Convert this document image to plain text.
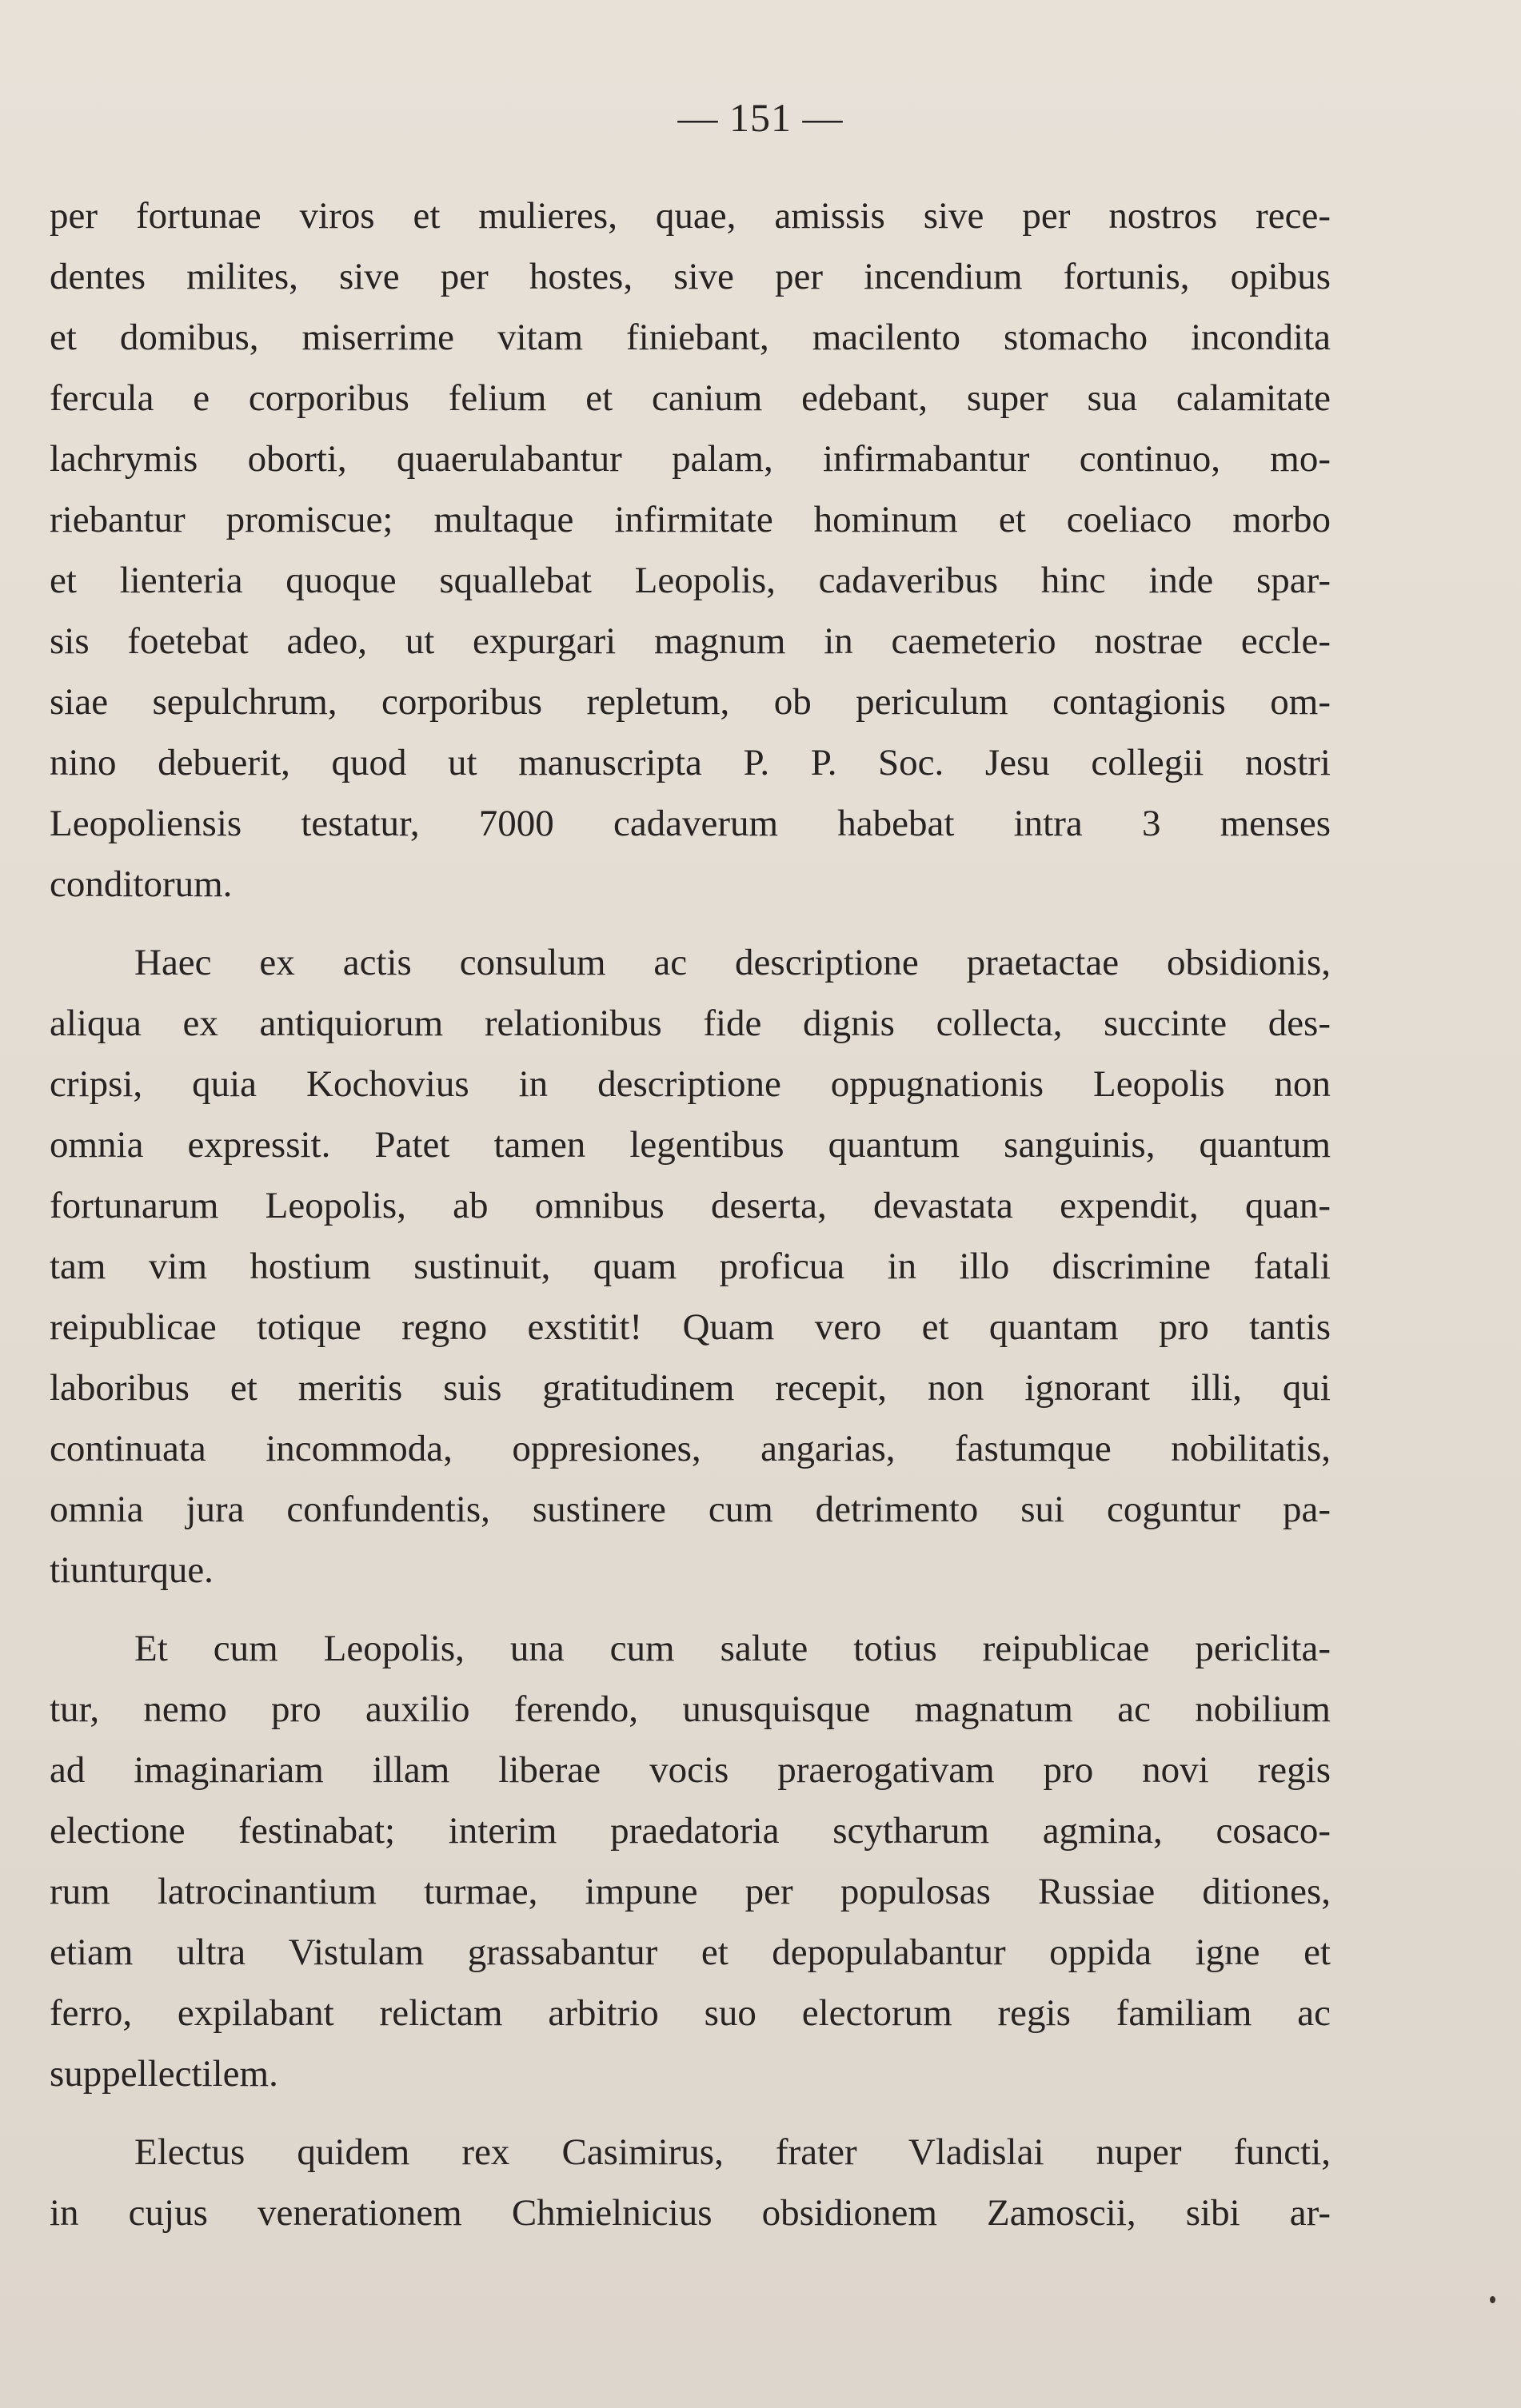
— 151 —
per fortunae viros et mulieres, quae, amissis sive per nostros rece-
dentes milites, sive per hostes, sive per incendium fortunis, opibus
et domibus, miserrime vitam finiebant, macilento stomacho incondita
fercula e corporibus felium et canium edebant, super sua calamitate
lachrymis oborti, quaerulabantur palam, infirmabantur continuo, mo-
riebantur promiscue; multaque infirmitate hominum et coeliaco morbo
et lienteria quoque squallebat Leopolis, cadaveribus hinc inde spar-
sis foetebat adeo, ut expurgari magnum in caemeterio nostrae eccle-
siae sepulchrum, corporibus repletum, ob periculum contagionis om-
nino debuerit, quod ut manuscripta P. P. Soc. Jesu collegii nostri
Leopoliensis testatur, 7000 cadaverum habebat intra 3 menses
conditorum.
Haec ex actis consulum ac descriptione praetactae obsidionis,
aliqua ex antiquiorum relationibus fide dignis collecta, succinte des-
cripsi, quia Kochovius in descriptione oppugnationis Leopolis non
omnia expressit. Patet tamen legentibus quantum sanguinis, quantum
fortunarum Leopolis, ab omnibus deserta, devastata expendit, quan-
tam vim hostium sustinuit, quam proficua in illo discrimine fatali
reipublicae totique regno exstitit! Quam vero et quantam pro tantis
laboribus et meritis suis gratitudinem recepit, non ignorant illi, qui
continuata incommoda, oppresiones, angarias, fastumque nobilitatis,
omnia jura confundentis, sustinere cum detrimento sui coguntur pa-
tiunturque.
Et cum Leopolis, una cum salute totius reipublicae periclita-
tur, nemo pro auxilio ferendo, unusquisque magnatum ac nobilium
ad imaginariam illam liberae vocis praerogativam pro novi regis
electione festinabat; interim praedatoria scytharum agmina, cosaco-
rum latrocinantium turmae, impune per populosas Russiae ditiones,
etiam ultra Vistulam grassabantur et depopulabantur oppida igne et
ferro, expilabant relictam arbitrio suo electorum regis familiam ac
suppellectilem.
Electus quidem rex Casimirus, frater Vladislai nuper functi,
in cujus venerationem Chmielnicius obsidionem Zamoscii, sibi ar-
